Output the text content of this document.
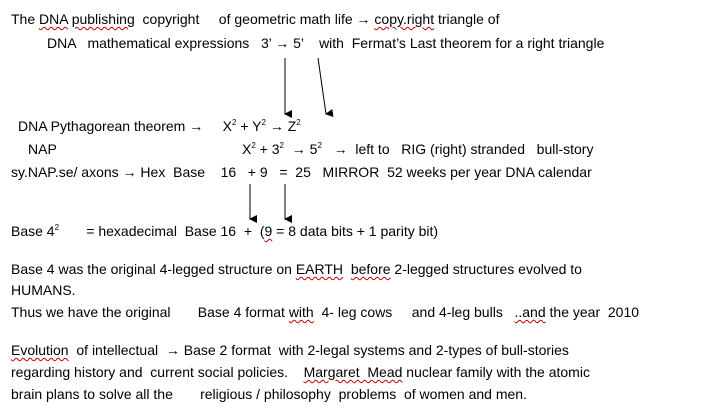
The DNA publishing  copyright     of geometric math life → copy.right triangle of
DNA   mathematical expressions   3’ → 5’    with  Fermat’s Last theorem for a right triangle
DNA Pythagorean theorem →     $X^2 + Y^2 \to Z^2$
NAP	$X^2 + 3^2 \to 5^2$   →  left to   RIG (right) stranded   bull-story
sy.NAP.se/ axons → Hex  Base    16   + 9   =  25   MIRROR  52 weeks per year DNA calendar
Base $4^2$       = hexadecimal  Base 16  +  (9 = 8 data bits + 1 parity bit)
Base 4 was the original 4-legged structure on EARTH before 2-legged structures evolved to
HUMANS.
Thus we have the original       Base 4 format with  4- leg cows     and 4-leg bulls   ..and the year  2010
Evolution  of intellectual  → Base 2 format  with 2-legal systems and 2-types of bull-stories
regarding history and  current social policies.    Margaret  Mead nuclear family with the atomic
brain plans to solve all the       religious / philosophy  problems  of women and men.
